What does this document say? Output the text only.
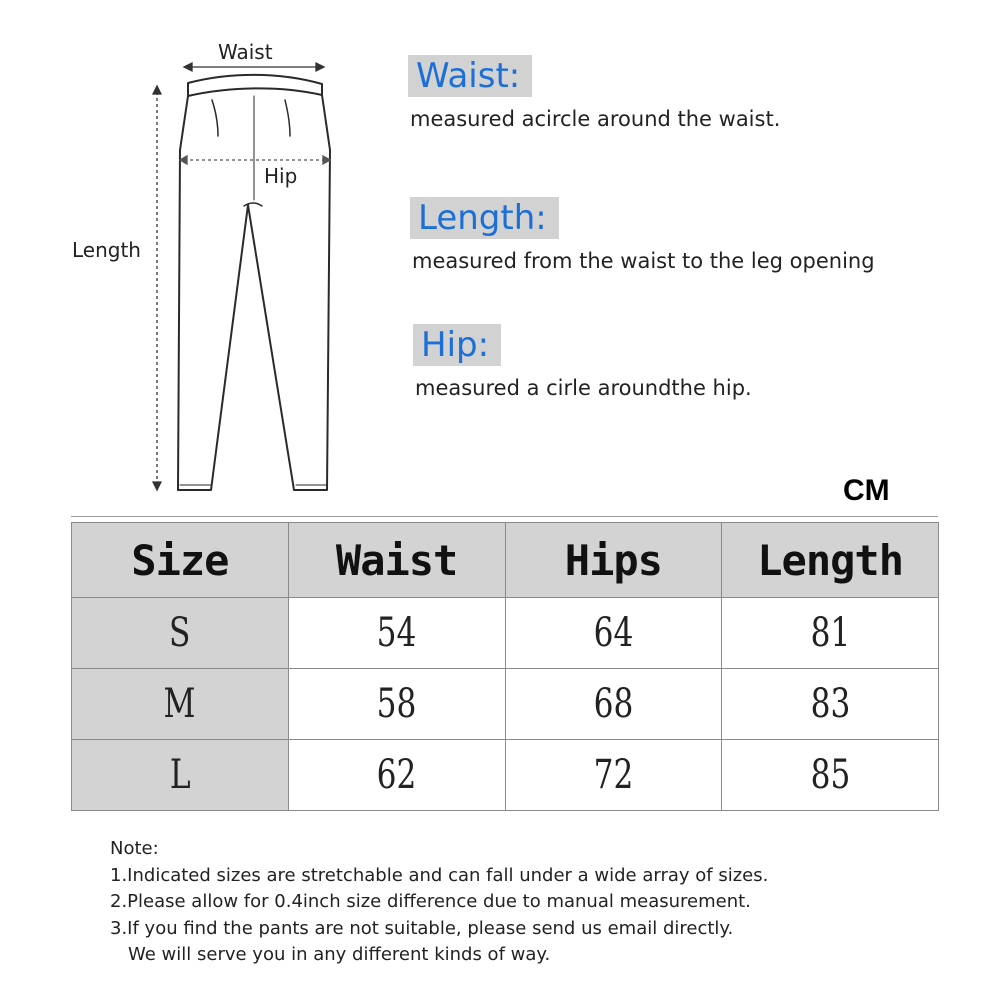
Waist
Hip
Length
Waist:
measured acircle around the waist.
Length:
measured from the waist to the leg opening
Hip:
measured a cirle aroundthe hip.
CM
Size	Waist	Hips	Length
S	54	64	81
M	58	68	83
L	62	72	85
Note:
1.Indicated sizes are stretchable and can fall under a wide array of sizes.
2.Please allow for 0.4inch size difference due to manual measurement.
3.If you find the pants are not suitable, please send us email directly.
We will serve you in any different kinds of way.
